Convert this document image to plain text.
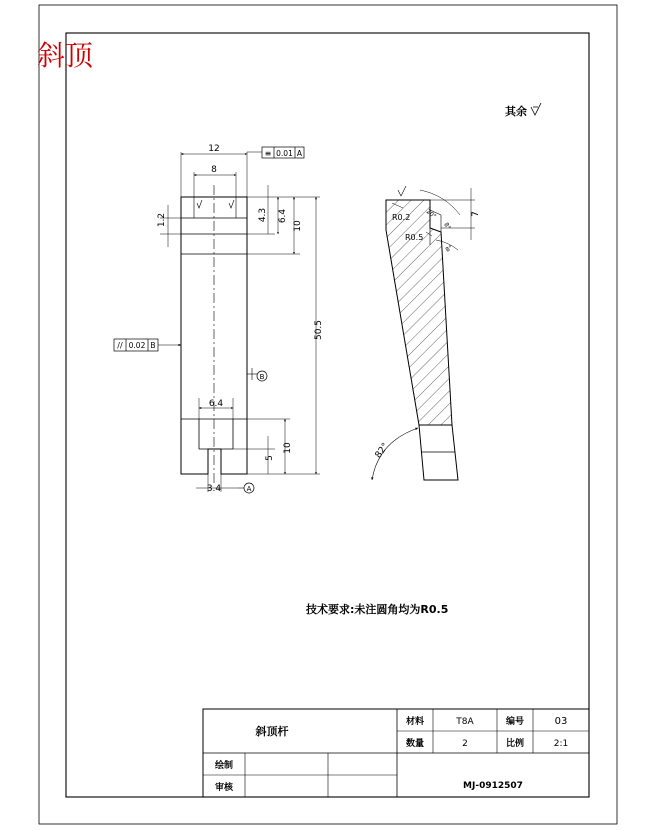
斜顶
其余
12
8
1.2	4.3 6.4
10
50.5
6.4
10
5
3.4
B
A
≡ 0.01 A
// 0.02 B
R0.2
R0.5
20°
8°
8°
7
82°
技术要求:未注圆角均为R0.5
斜顶杆
材料	T8A	编号	03
数量	2	比例	2:1
绘制
审核	MJ-0912507
